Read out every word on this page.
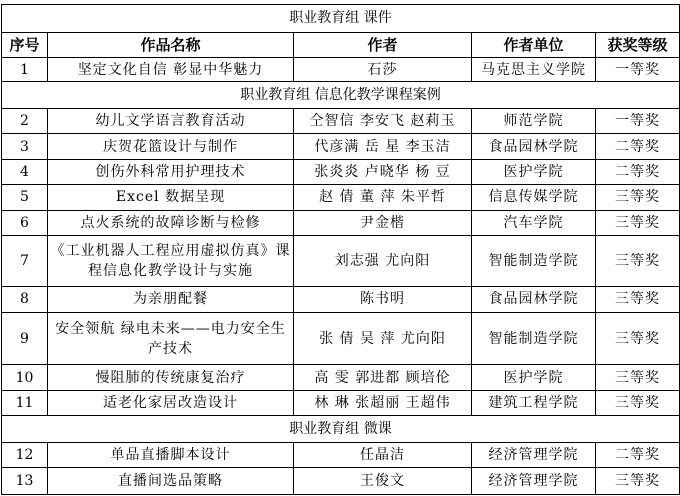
职业教育组 课件				
序号	作品名称	作者	作者单位	获奖等级
1	坚定文化自信 彰显中华魅力	石莎	马克思主义学院	一等奖
职业教育组 信息化教学课程案例				
2	幼儿文学语言教育活动	仝智信 李安飞 赵莉玉	师范学院	一等奖
3	庆贺花篮设计与制作	代彦满 岳 星 李玉洁	食品园林学院	二等奖
4	创伤外科常用护理技术	张炎炎 卢晓华 杨 豆	医护学院	二等奖
5	Excel 数据呈现	赵 倩 董 萍 朱平哲	信息传媒学院	三等奖
6	点火系统的故障诊断与检修	尹金楷	汽车学院	三等奖
7	《工业机器人工程应用虚拟仿真》课程信息化教学设计与实施	刘志强 尤向阳	智能制造学院	三等奖
8	为亲朋配餐	陈书明	食品园林学院	三等奖
9	安全领航 绿电未来——电力安全生产技术	张 倩 吴 萍 尤向阳	智能制造学院	三等奖
10	慢阻肺的传统康复治疗	高 雯 郭进都 顾培伦	医护学院	三等奖
11	适老化家居改造设计	林 琳 张超丽 王超伟	建筑工程学院	三等奖
职业教育组 微课				
12	单品直播脚本设计	任晶洁	经济管理学院	二等奖
13	直播间选品策略	王俊文	经济管理学院	三等奖
